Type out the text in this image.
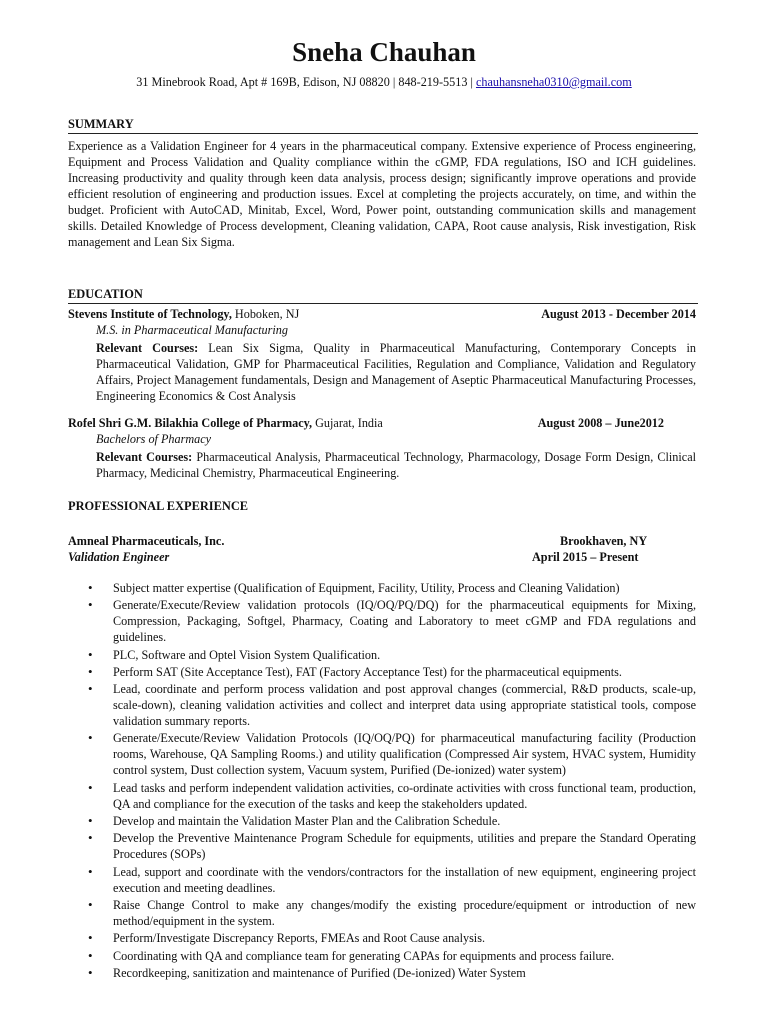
Sneha Chauhan
31 Minebrook Road, Apt # 169B, Edison, NJ 08820 | 848-219-5513 | chauhansneha0310@gmail.com
SUMMARY
Experience as a Validation Engineer for 4 years in the pharmaceutical company. Extensive experience of Process engineering, Equipment and Process Validation and Quality compliance within the cGMP, FDA regulations, ISO and ICH guidelines. Increasing productivity and quality through keen data analysis, process design; significantly improve operations and provide efficient resolution of engineering and production issues. Excel at completing the projects accurately, on time, and within the budget. Proficient with AutoCAD, Minitab, Excel, Word, Power point, outstanding communication skills and management skills. Detailed Knowledge of Process development, Cleaning validation, CAPA, Root cause analysis, Risk investigation, Risk management and Lean Six Sigma.
EDUCATION
Stevens Institute of Technology, Hoboken, NJ	August 2013 - December 2014
M.S. in Pharmaceutical Manufacturing
Relevant Courses: Lean Six Sigma, Quality in Pharmaceutical Manufacturing, Contemporary Concepts in Pharmaceutical Validation, GMP for Pharmaceutical Facilities, Regulation and Compliance, Validation and Regulatory Affairs, Project Management fundamentals, Design and Management of Aseptic Pharmaceutical Manufacturing Processes, Engineering Economics & Cost Analysis
Rofel Shri G.M. Bilakhia College of Pharmacy, Gujarat, India	August 2008 – June2012
Bachelors of Pharmacy
Relevant Courses: Pharmaceutical Analysis, Pharmaceutical Technology, Pharmacology, Dosage Form Design, Clinical Pharmacy, Medicinal Chemistry, Pharmaceutical Engineering.
PROFESSIONAL EXPERIENCE
Amneal Pharmaceuticals, Inc.	Brookhaven, NY
Validation Engineer	April 2015 – Present
• Subject matter expertise (Qualification of Equipment, Facility, Utility, Process and Cleaning Validation)
• Generate/Execute/Review validation protocols (IQ/OQ/PQ/DQ) for the pharmaceutical equipments for Mixing, Compression, Packaging, Softgel, Pharmacy, Coating and Laboratory to meet cGMP and FDA regulations and guidelines.
• PLC, Software and Optel Vision System Qualification.
• Perform SAT (Site Acceptance Test), FAT (Factory Acceptance Test) for the pharmaceutical equipments.
• Lead, coordinate and perform process validation and post approval changes (commercial, R&D products, scale-up, scale-down), cleaning validation activities and collect and interpret data using appropriate statistical tools, compose validation summary reports.
• Generate/Execute/Review Validation Protocols (IQ/OQ/PQ) for pharmaceutical manufacturing facility (Production rooms, Warehouse, QA Sampling Rooms.) and utility qualification (Compressed Air system, HVAC system, Humidity control system, Dust collection system, Vacuum system, Purified (De-ionized) water system)
• Lead tasks and perform independent validation activities, co-ordinate activities with cross functional team, production, QA and compliance for the execution of the tasks and keep the stakeholders updated.
• Develop and maintain the Validation Master Plan and the Calibration Schedule.
• Develop the Preventive Maintenance Program Schedule for equipments, utilities and prepare the Standard Operating Procedures (SOPs)
• Lead, support and coordinate with the vendors/contractors for the installation of new equipment, engineering project execution and meeting deadlines.
• Raise Change Control to make any changes/modify the existing procedure/equipment or introduction of new method/equipment in the system.
• Perform/Investigate Discrepancy Reports, FMEAs and Root Cause analysis.
• Coordinating with QA and compliance team for generating CAPAs for equipments and process failure.
• Recordkeeping, sanitization and maintenance of Purified (De-ionized) Water System
